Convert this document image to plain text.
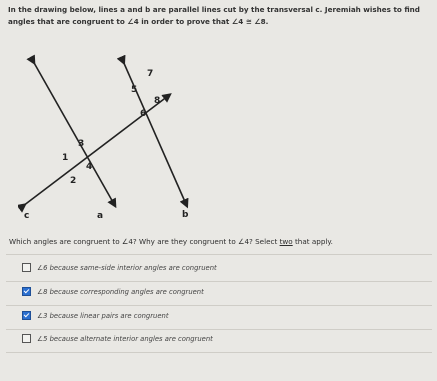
In the drawing below, lines a and b are parallel lines cut by the transversal c. Jeremiah wishes to find
angles that are congruent to ∠4 in order to prove that ∠4 ≅ ∠8.
7
5
8
6
3
1
4
2
c	a	b
Which angles are congruent to ∠4? Why are they congruent to ∠4? Select two that apply.
∠6 because same-side interior angles are congruent
∠8 because corresponding angles are congruent
∠3 because linear pairs are congruent
∠5 because alternate interior angles are congruent
